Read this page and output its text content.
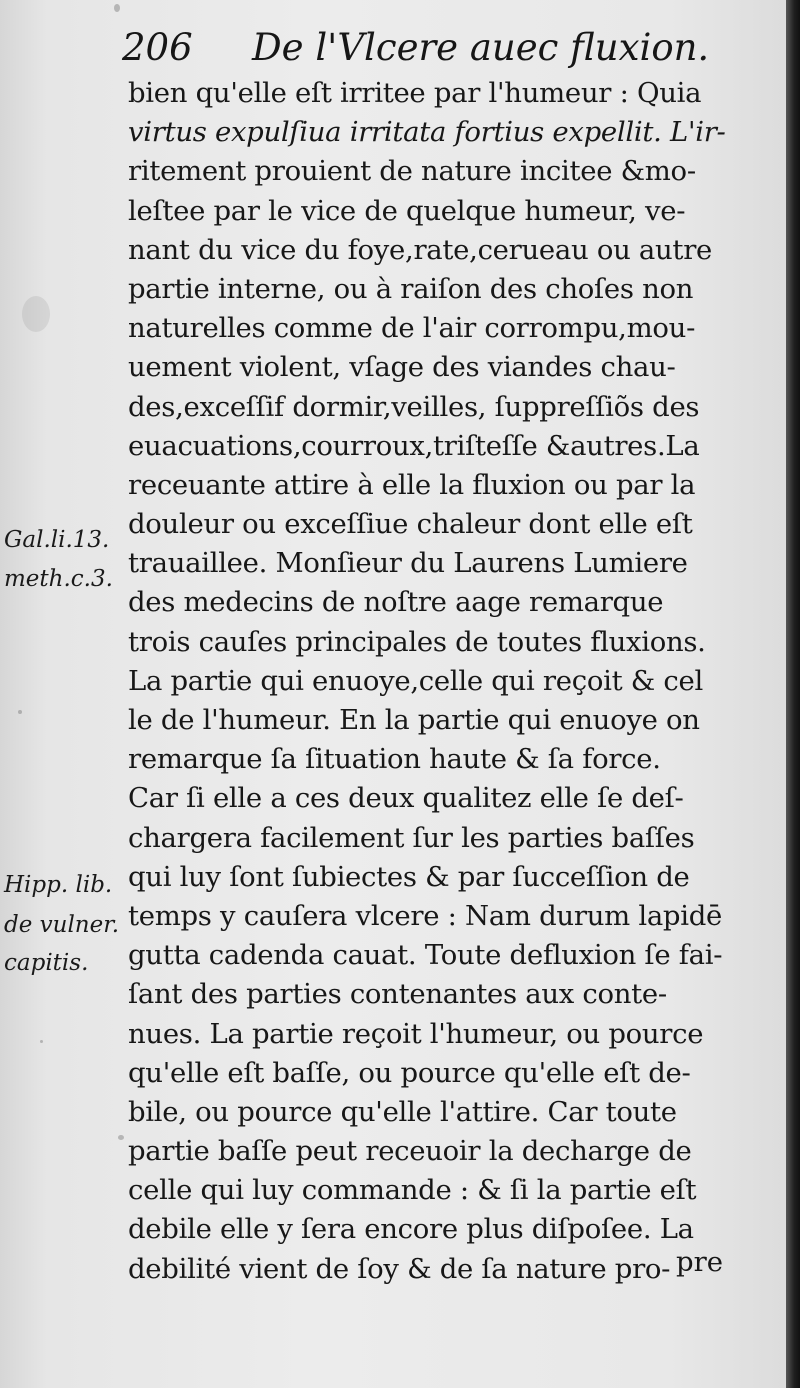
206 De l'Vlcere auec fluxion.
bien qu'elle eſt irritee par l'humeur : Quia
virtus expulſiua irritata fortius expellit. L'ir-
ritement prouient de nature incitee &mo-
leſtee par le vice de quelque humeur, ve-
nant du vice du foye,rate,cerueau ou autre
partie interne, ou à raiſon des choſes non
naturelles comme de l'air corrompu,mou-
uement violent, vſage des viandes chau-
des,exceſſif dormir,veilles, ſuppreſſiõs des
euacuations,courroux,triſteſſe &autres.La
receuante attire à elle la fluxion ou par la
douleur ou exceſſiue chaleur dont elle eſt
trauaillee. Monſieur du Laurens Lumiere
des medecins de noſtre aage remarque
trois cauſes principales de toutes fluxions.
La partie qui enuoye,celle qui reçoit & cel
le de l'humeur. En la partie qui enuoye on
remarque ſa ſituation haute & ſa force.
Car ſi elle a ces deux qualitez elle ſe deſ-
chargera facilement ſur les parties baſſes
qui luy ſont ſubiectes & par ſucceſſion de
temps y cauſera vlcere : Nam durum lapidē
gutta cadenda cauat. Toute defluxion ſe fai-
ſant des parties contenantes aux conte-
nues. La partie reçoit l'humeur, ou pource
qu'elle eſt baſſe, ou pource qu'elle eſt de-
bile, ou pource qu'elle l'attire. Car toute
partie baſſe peut receuoir la decharge de
celle qui luy commande : & ſi la partie eſt
debile elle y ſera encore plus diſpoſee. La
debilité vient de ſoy & de ſa nature pro- pre
Gal.li.13.
meth.c.3.
Hipp. lib.
de vulner.
capitis.
